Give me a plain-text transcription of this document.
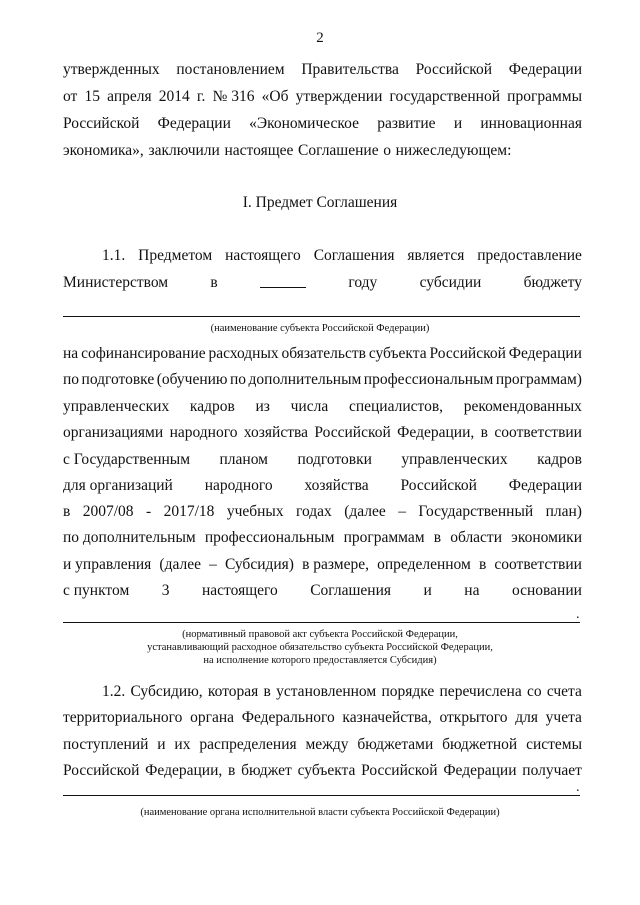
2
утвержденных постановлением Правительства Российской Федерации
от 15 апреля 2014 г. № 316 «Об утверждении государственной программы
Российской Федерации «Экономическое развитие и инновационная
экономика», заключили настоящее Соглашение о нижеследующем:
1.1. Предметом настоящего Соглашения является предоставление
Министерством	в	году	субсидии	бюджету
на софинансирование расходных обязательств субъекта Российской Федерации
по подготовке (обучению по дополнительным профессиональным программам)
управленческих кадров из числа специалистов, рекомендованных
организациями народного хозяйства Российской Федерации, в соответствии
с Государственным планом подготовки управленческих кадров
для организаций народного хозяйства Российской Федерации
в 2007/08 - 2017/18 учебных годах (далее – Государственный план)
по дополнительным профессиональным программам в области экономики
и управления (далее – Субсидия) в размере, определенном в соответствии
с пунктом 3 настоящего Соглашения и на основании
1.2. Субсидию, которая в установленном порядке перечислена со счета
территориального органа Федерального казначейства, открытого для учета
поступлений и их распределения между бюджетами бюджетной системы
Российской Федерации, в бюджет субъекта Российской Федерации получает
I. Предмет Соглашения
(наименование субъекта Российской Федерации)
.
(нормативный правовой акт субъекта Российской Федерации,
устанавливающий расходное обязательство субъекта Российской Федерации,
на исполнение которого предоставляется Субсидия)
.
(наименование органа исполнительной власти субъекта Российской Федерации)
